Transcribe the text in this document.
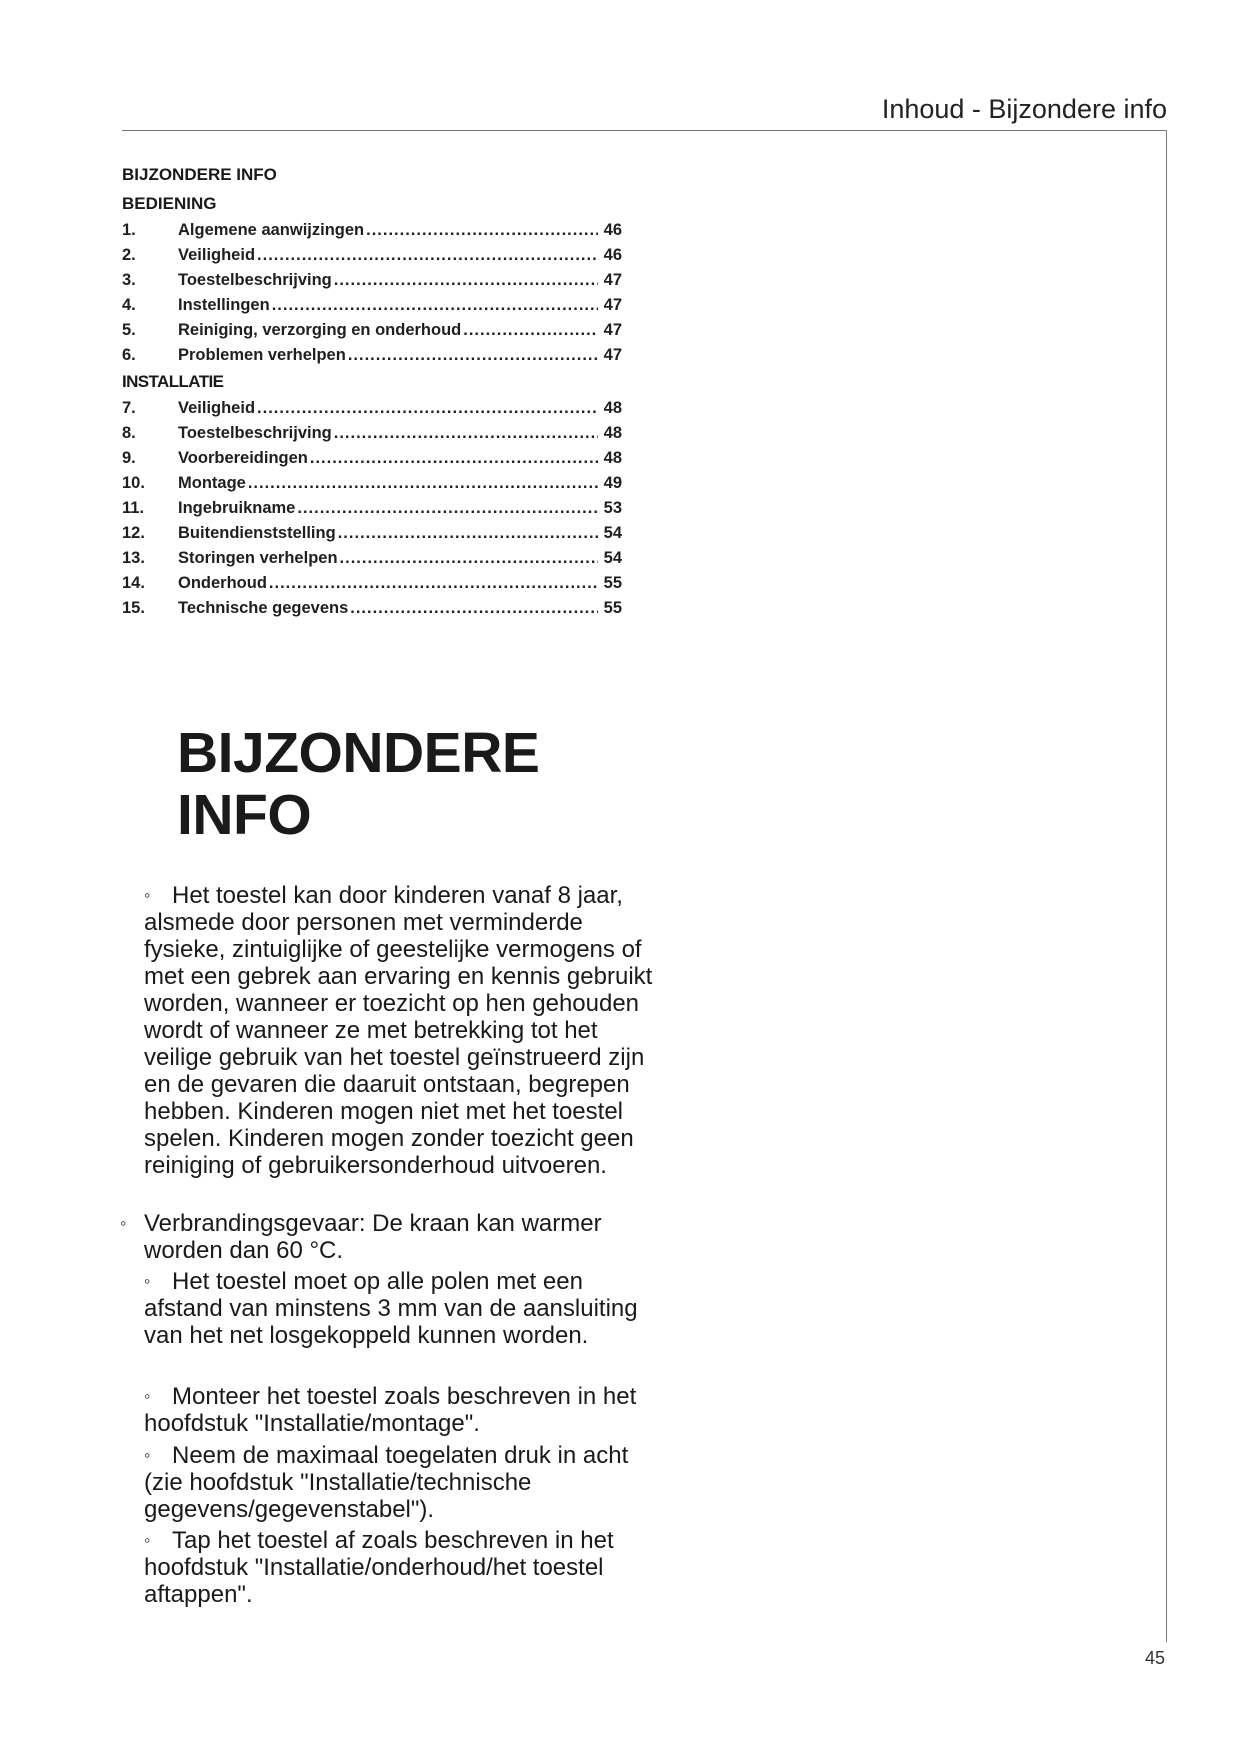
Inhoud - Bijzondere info
BIJZONDERE INFO
BEDIENING
1.	Algemene aanwijzingen .....	46
2.	Veiligheid .....	46
3.	Toestelbeschrijving .....	47
4.	Instellingen .....	47
5.	Reiniging, verzorging en onderhoud .....	47
6.	Problemen verhelpen .....	47
INSTALLATIE
7.	Veiligheid .....	48
8.	Toestelbeschrijving .....	48
9.	Voorbereidingen .....	48
10.	Montage .....	49
11.	Ingebruikname .....	53
12.	Buitendienststelling .....	54
13.	Storingen verhelpen .....	54
14.	Onderhoud .....	55
15.	Technische gegevens .....	55
BIJZONDERE
INFO
◦ Het toestel kan door kinderen vanaf 8 jaar, alsmede door personen met verminderde fysieke, zintuiglijke of geestelijke vermogens of met een gebrek aan ervaring en kennis gebruikt worden, wanneer er toezicht op hen gehouden wordt of wanneer ze met betrekking tot het veilige gebruik van het toestel geïnstrueerd zijn en de gevaren die daaruit ontstaan, begrepen hebben. Kinderen mogen niet met het toestel spelen. Kinderen mogen zonder toezicht geen reiniging of gebruikersonderhoud uitvoeren.
◦ Verbrandingsgevaar: De kraan kan warmer worden dan 60 °C.
◦ Het toestel moet op alle polen met een afstand van minstens 3 mm van de aansluiting van het net losgekoppeld kunnen worden.
◦ Monteer het toestel zoals beschreven in het hoofdstuk "Installatie/montage".
◦ Neem de maximaal toegelaten druk in acht (zie hoofdstuk "Installatie/technische gegevens/gegevenstabel").
◦ Tap het toestel af zoals beschreven in het hoofdstuk "Installatie/onderhoud/het toestel aftappen".
45
